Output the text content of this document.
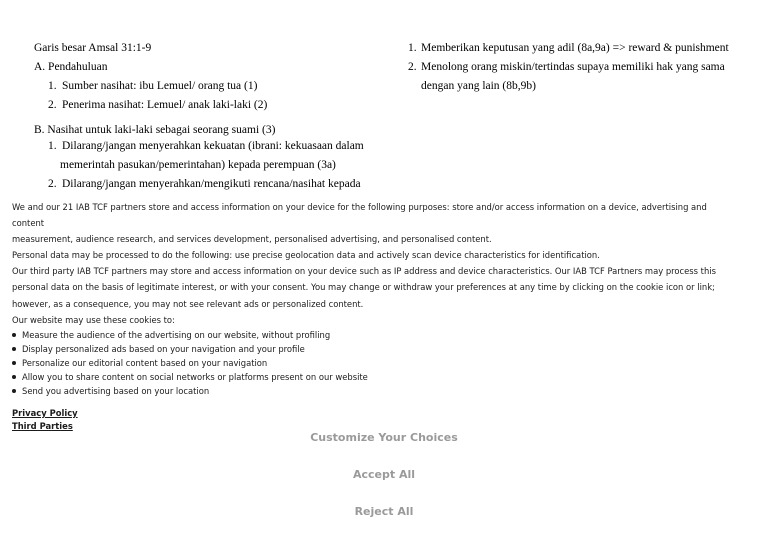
Garis besar Amsal 31:1-9
A. Pendahuluan
1. Sumber nasihat: ibu Lemuel/ orang tua (1)
2. Penerima nasihat: Lemuel/ anak laki-laki (2)
B. Nasihat untuk laki-laki sebagai seorang suami (3)
1. Dilarang/jangan menyerahkan kekuatan (ibrani: kekuasaan dalam
memerintah pasukan/pemerintahan) kepada perempuan (3a)
2. Dilarang/jangan menyerahkan/mengikuti rencana/nasihat kepada
1. Memberikan keputusan yang adil (8a,9a) => reward & punishment
2. Menolong orang miskin/tertindas supaya memiliki hak yang sama
dengan yang lain (8b,9b)
We and our 21 IAB TCF partners store and access information on your device for the following purposes: store and/or access information on a device, advertising and content
measurement, audience research, and services development, personalised advertising, and personalised content.
Personal data may be processed to do the following: use precise geolocation data and actively scan device characteristics for identification.
Our third party IAB TCF partners may store and access information on your device such as IP address and device characteristics. Our IAB TCF Partners may process this
personal data on the basis of legitimate interest, or with your consent. You may change or withdraw your preferences at any time by clicking on the cookie icon or link;
however, as a consequence, you may not see relevant ads or personalized content.
Our website may use these cookies to:
Measure the audience of the advertising on our website, without profiling
Display personalized ads based on your navigation and your profile
Personalize our editorial content based on your navigation
Allow you to share content on social networks or platforms present on our website
Send you advertising based on your location
Privacy Policy
Third Parties
Customize Your Choices
Accept All
Reject All
